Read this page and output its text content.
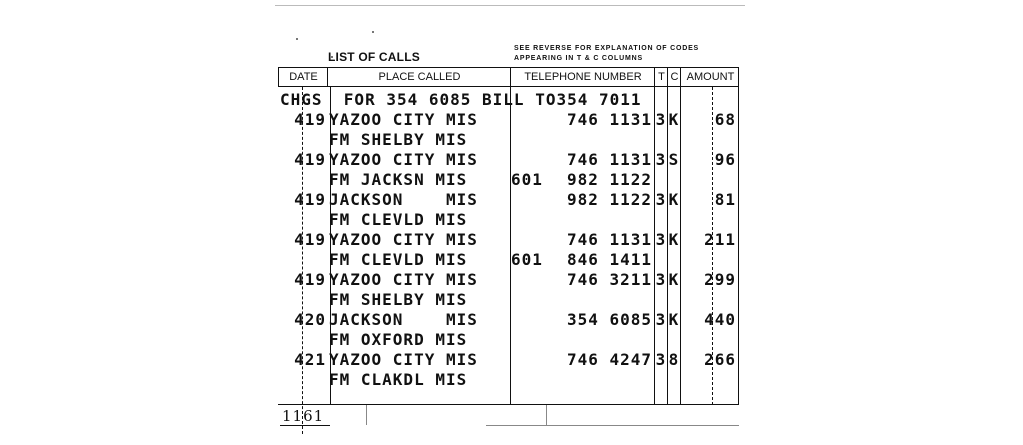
LIST OF CALLS
SEE REVERSE FOR EXPLANATION OF CODES
APPEARING IN T & C COLUMNS
DATE	PLACE CALLED	TELEPHONE NUMBER	T C AMOUNT
CHGS  FOR 354 6085 BILL TO354 7011
419 YAZOO CITY MIS	746 1131 3 K	68
FM SHELBY MIS
419 YAZOO CITY MIS	746 1131 3 S	96
FM JACKSN MIS	601	982 1122
419 JACKSON    MIS	982 1122 3 K	81
FM CLEVLD MIS
419 YAZOO CITY MIS	746 1131 3 K	211
FM CLEVLD MIS	601	846 1411
419 YAZOO CITY MIS	746 3211 3 K	299
FM SHELBY MIS
420 JACKSON    MIS	354 6085 3 K	440
FM OXFORD MIS
421 YAZOO CITY MIS	746 4247 3 8	266
FM CLAKDL MIS
1161
